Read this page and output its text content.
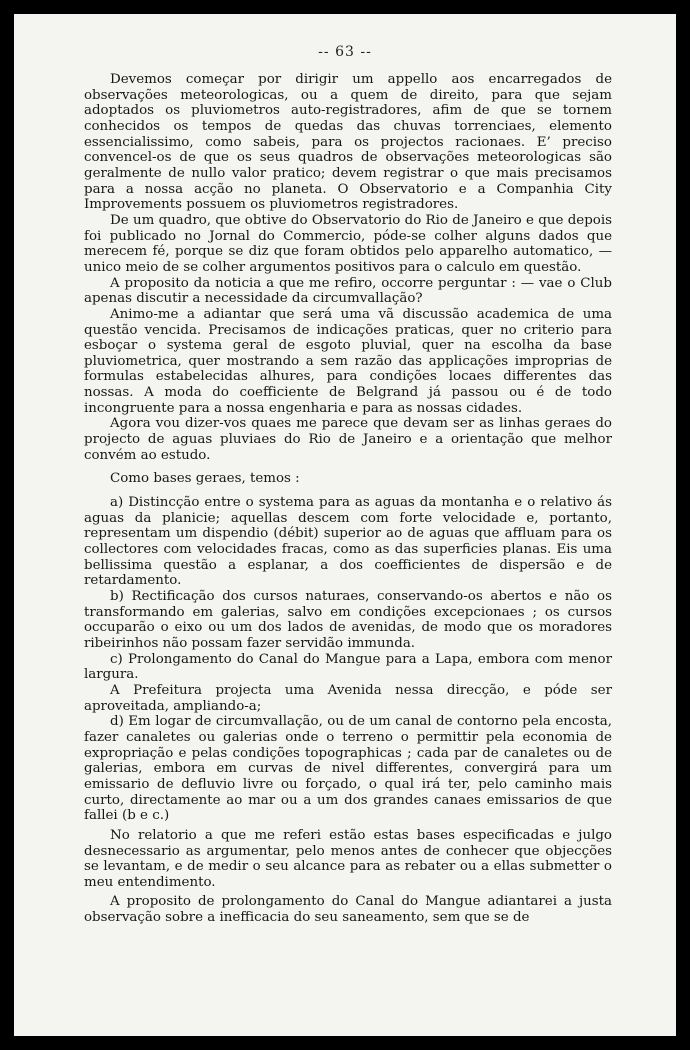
-- 63 --

Devemos começar por dirigir um appello aos encarregados de observações meteorologicas, ou a quem de direito, para que sejam adoptados os pluviometros auto-registradores, afim de que se tornem conhecidos os tempos de quedas das chuvas torrenciaes, elemento essencialissimo, como sabeis, para os projectos racionaes. E’ preciso convencel-os de que os seus quadros de observações meteorologicas são geralmente de nullo valor pratico; devem registrar o que mais precisamos para a nossa acção no planeta. O Observatorio e a Companhia City Improvements possuem os pluviometros registradores.

De um quadro, que obtive do Observatorio do Rio de Janeiro e que depois foi publicado no Jornal do Commercio, póde-se colher alguns dados que merecem fé, porque se diz que foram obtidos pelo apparelho automatico, — unico meio de se colher argumentos positivos para o calculo em questão.

A proposito da noticia a que me refiro, occorre perguntar : — vae o Club apenas discutir a necessidade da circumvallação?

Animo-me a adiantar que será uma vã discussão academica de uma questão vencida. Precisamos de indicações praticas, quer no criterio para esboçar o systema geral de esgoto pluvial, quer na escolha da base pluviometrica, quer mostrando a sem razão das applicações improprias de formulas estabelecidas alhures, para condições locaes differentes das nossas. A moda do coefficiente de Belgrand já passou ou é de todo incongruente para a nossa engenharia e para as nossas cidades.

Agora vou dizer-vos quaes me parece que devam ser as linhas geraes do projecto de aguas pluviaes do Rio de Janeiro e a orientação que melhor convém ao estudo.

Como bases geraes, temos :

a) Distincção entre o systema para as aguas da montanha e o relativo ás aguas da planicie; aquellas descem com forte velocidade e, portanto, representam um dispendio (débit) superior ao de aguas que affluam para os collectores com velocidades fracas, como as das superficies planas. Eis uma bellissima questão a esplanar, a dos coefficientes de dispersão e de retardamento.

b) Rectificação dos cursos naturaes, conservando-os abertos e não os transformando em galerias, salvo em condições excepcionaes ; os cursos occuparão o eixo ou um dos lados de avenidas, de modo que os moradores ribeirinhos não possam fazer servidão immunda.

c) Prolongamento do Canal do Mangue para a Lapa, embora com menor largura.

A Prefeitura projecta uma Avenida nessa direcção, e póde ser aproveitada, ampliando-a;

d) Em logar de circumvallação, ou de um canal de contorno pela encosta, fazer canaletes ou galerias onde o terreno o permittir pela economia de expropriação e pelas condições topographicas ; cada par de canaletes ou de galerias, embora em curvas de nivel differentes, convergirá para um emissario de defluvio livre ou forçado, o qual irá ter, pelo caminho mais curto, directamente ao mar ou a um dos grandes canaes emissarios de que fallei (b e c.)

No relatorio a que me referi estão estas bases especificadas e julgo desnecessario as argumentar, pelo menos antes de conhecer que objecções se levantam, e de medir o seu alcance para as rebater ou a ellas submetter o meu entendimento.

A proposito de prolongamento do Canal do Mangue adiantarei a justa observação sobre a inefficacia do seu saneamento, sem que se de
